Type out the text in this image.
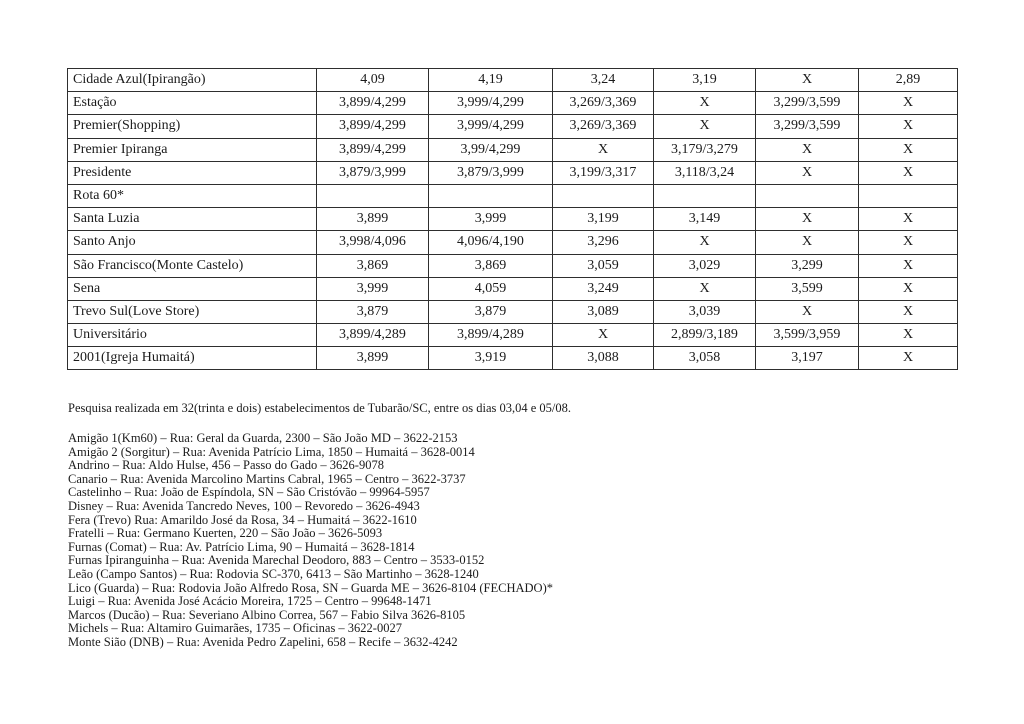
Cidade Azul(Ipirangão)	4,09	4,19	3,24	3,19	X	2,89
Estação	3,899/4,299	3,999/4,299	3,269/3,369	X	3,299/3,599	X
Premier(Shopping)	3,899/4,299	3,999/4,299	3,269/3,369	X	3,299/3,599	X
Premier Ipiranga	3,899/4,299	3,99/4,299	X	3,179/3,279	X	X
Presidente	3,879/3,999	3,879/3,999	3,199/3,317	3,118/3,24	X	X
Rota 60*						
Santa Luzia	3,899	3,999	3,199	3,149	X	X
Santo Anjo	3,998/4,096	4,096/4,190	3,296	X	X	X
São Francisco(Monte Castelo)	3,869	3,869	3,059	3,029	3,299	X
Sena	3,999	4,059	3,249	X	3,599	X
Trevo Sul(Love Store)	3,879	3,879	3,089	3,039	X	X
Universitário	3,899/4,289	3,899/4,289	X	2,899/3,189	3,599/3,959	X
2001(Igreja Humaitá)	3,899	3,919	3,088	3,058	3,197	X

Pesquisa realizada em 32(trinta e dois) estabelecimentos de Tubarão/SC, entre os dias 03,04 e 05/08.

Amigão 1(Km60) – Rua: Geral da Guarda, 2300 – São João MD – 3622-2153
Amigão 2 (Sorgitur) – Rua: Avenida Patrício Lima, 1850 – Humaitá – 3628-0014
Andrino – Rua: Aldo Hulse, 456 – Passo do Gado – 3626-9078
Canario – Rua: Avenida Marcolino Martins Cabral, 1965 – Centro – 3622-3737
Castelinho – Rua: João de Espíndola, SN – São Cristóvão – 99964-5957
Disney – Rua: Avenida Tancredo Neves, 100 – Revoredo – 3626-4943
Fera (Trevo) Rua: Amarildo José da Rosa, 34 – Humaitá – 3622-1610
Fratelli – Rua: Germano Kuerten, 220 – São João – 3626-5093
Furnas (Comat) – Rua: Av. Patrício Lima, 90 – Humaitá – 3628-1814
Furnas Ipiranguinha – Rua: Avenida Marechal Deodoro, 883 – Centro – 3533-0152
Leão (Campo Santos) – Rua: Rodovia SC-370, 6413 – São Martinho – 3628-1240
Lico (Guarda) – Rua: Rodovia João Alfredo Rosa, SN – Guarda ME – 3626-8104 (FECHADO)*
Luigi – Rua: Avenida José Acácio Moreira, 1725 – Centro – 99648-1471
Marcos (Ducão) – Rua: Severiano Albino Correa, 567 – Fabio Silva 3626-8105
Michels – Rua: Altamiro Guimarães, 1735 – Oficinas – 3622-0027
Monte Sião (DNB) – Rua: Avenida Pedro Zapelini, 658 – Recife – 3632-4242
